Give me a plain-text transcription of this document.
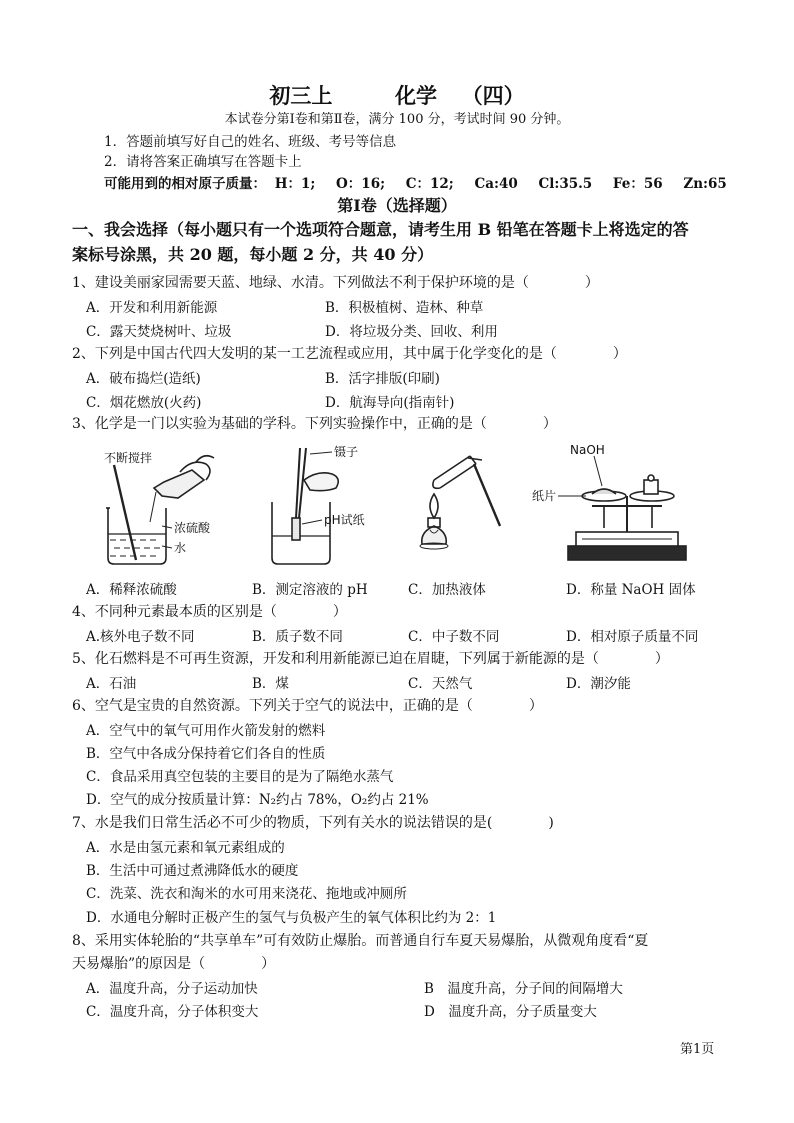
初三上	化学 （四）
本试卷分第Ⅰ卷和第Ⅱ卷，满分 100 分，考试时间 90 分钟。
1．答题前填写好自己的姓名、班级、考号等信息
2．请将答案正确填写在答题卡上
可能用到的相对原子质量： H：1; O：16; C：12; Ca:40 Cl:35.5 Fe：56 Zn:65
第Ⅰ卷（选择题）
一、我会选择（每小题只有一个选项符合题意，请考生用 B 铅笔在答题卡上将选定的答
案标号涂黑，共 20 题，每小题 2 分，共 40 分）
1、建设美丽家园需要天蓝、地绿、水清。下列做法不利于保护环境的是（　　　　）
A．开发和利用新能源	B．积极植树、造林、种草
C．露天焚烧树叶、垃圾	D．将垃圾分类、回收、利用
2、下列是中国古代四大发明的某一工艺流程或应用，其中属于化学变化的是（　　　　）
A．破布捣烂(造纸)	B．活字排版(印刷)
C．烟花燃放(火药)	D．航海导向(指南针)
3、化学是一门以实验为基础的学科。下列实验操作中，正确的是（　　　　）
不断搅拌
浓硫酸
水
镊子
pH试纸
NaOH
纸片
A．稀释浓硫酸	B．测定溶液的 pH	C．加热液体	D．称量 NaOH 固体
4、不同种元素最本质的区别是（　　　　）
A.核外电子数不同	B．质子数不同	C．中子数不同	D．相对原子质量不同
5、化石燃料是不可再生资源，开发和利用新能源已迫在眉睫，下列属于新能源的是（　　　　）
A．石油	B．煤	C．天然气	D．潮汐能
6、空气是宝贵的自然资源。下列关于空气的说法中，正确的是（　　　　）
A．空气中的氧气可用作火箭发射的燃料
B．空气中各成分保持着它们各自的性质
C．食品采用真空包装的主要目的是为了隔绝水蒸气
D．空气的成分按质量计算：N₂约占 78%，O₂约占 21%
7、水是我们日常生活必不可少的物质，下列有关水的说法错误的是(　　　　)
A．水是由氢元素和氧元素组成的
B．生活中可通过煮沸降低水的硬度
C．洗菜、洗衣和淘米的水可用来浇花、拖地或冲厕所
D．水通电分解时正极产生的氢气与负极产生的氧气体积比约为 2：1
8、采用实体轮胎的“共享单车”可有效防止爆胎。而普通自行车夏天易爆胎，从微观角度看“夏
天易爆胎”的原因是（　　　　）
A．温度升高，分子运动加快	B　温度升高，分子间的间隔增大
C．温度升高，分子体积变大	D　温度升高，分子质量变大
第1页
